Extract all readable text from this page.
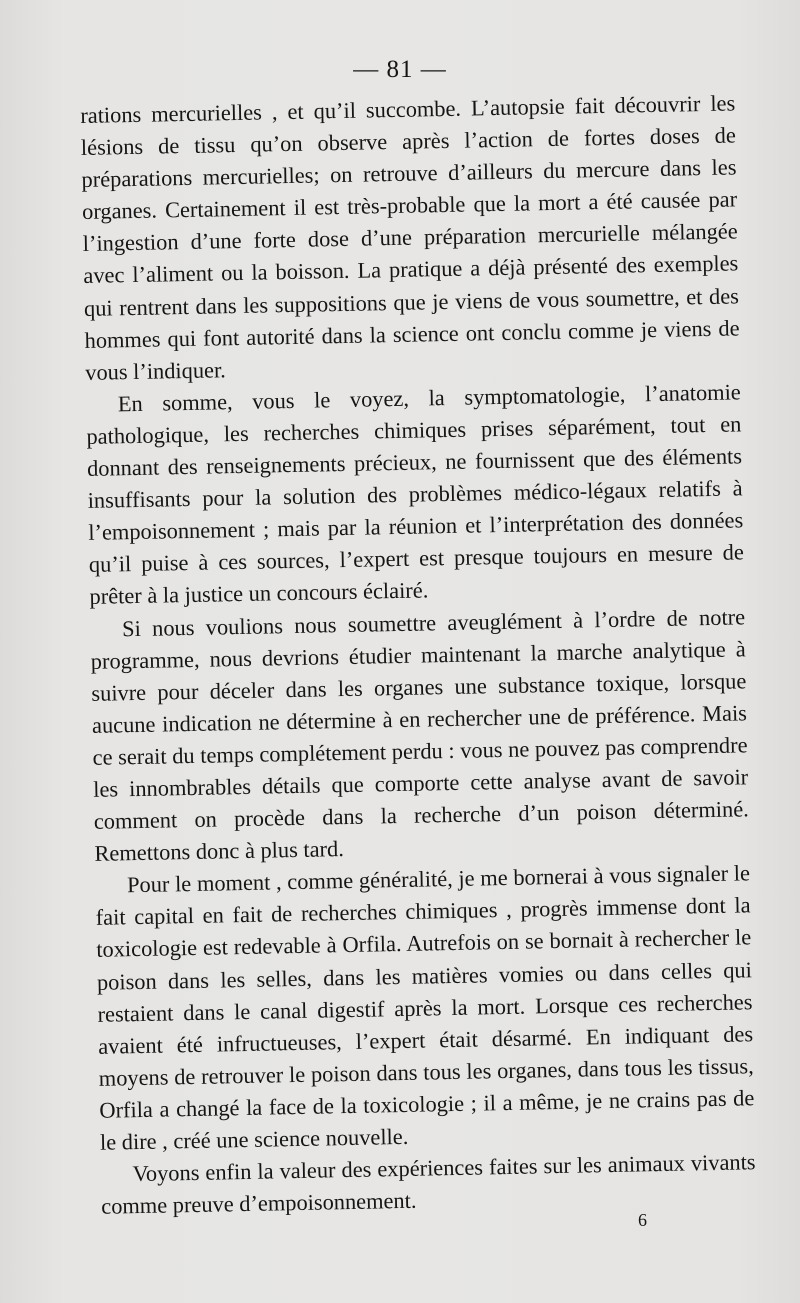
— 81 —

rations mercurielles , et qu’il succombe. L’autopsie fait découvrir les lésions de tissu qu’on observe après l’action de fortes doses de préparations mercurielles; on retrouve d’ailleurs du mercure dans les organes. Certainement il est très-probable que la mort a été causée par l’ingestion d’une forte dose d’une préparation mercurielle mélangée avec l’aliment ou la boisson. La pratique a déjà présenté des exemples qui rentrent dans les suppositions que je viens de vous soumettre, et des hommes qui font autorité dans la science ont conclu comme je viens de vous l’indiquer.

En somme, vous le voyez, la symptomatologie, l’anatomie pathologique, les recherches chimiques prises séparément, tout en donnant des renseignements précieux, ne fournissent que des éléments insuffisants pour la solution des problèmes médico-légaux relatifs à l’empoisonnement ; mais par la réunion et l’interprétation des données qu’il puise à ces sources, l’expert est presque toujours en mesure de prêter à la justice un concours éclairé.

Si nous voulions nous soumettre aveuglément à l’ordre de notre programme, nous devrions étudier maintenant la marche analytique à suivre pour déceler dans les organes une substance toxique, lorsque aucune indication ne détermine à en rechercher une de préférence. Mais ce serait du temps complétement perdu : vous ne pouvez pas comprendre les innombrables détails que comporte cette analyse avant de savoir comment on procède dans la recherche d’un poison déterminé. Remettons donc à plus tard.

Pour le moment , comme généralité, je me bornerai à vous signaler le fait capital en fait de recherches chimiques , progrès immense dont la toxicologie est redevable à Orfila. Autrefois on se bornait à rechercher le poison dans les selles, dans les matières vomies ou dans celles qui restaient dans le canal digestif après la mort. Lorsque ces recherches avaient été infructueuses, l’expert était désarmé. En indiquant des moyens de retrouver le poison dans tous les organes, dans tous les tissus, Orfila a changé la face de la toxicologie ; il a même, je ne crains pas de le dire , créé une science nouvelle.

Voyons enfin la valeur des expériences faites sur les animaux vivants comme preuve d’empoisonnement.

6
